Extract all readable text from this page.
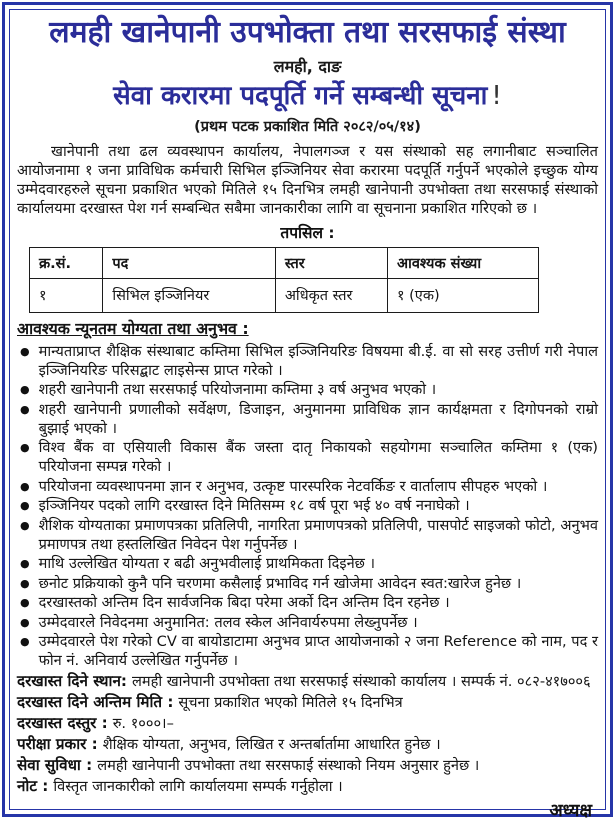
लमही खानेपानी उपभोक्ता तथा सरसफाई संस्था
लमही, दाङ
सेवा करारमा पदपूर्ति गर्ने सम्बन्धी सूचना !
(प्रथम पटक प्रकाशित मिति २०८२/०५/१४)

खानेपानी तथा ढल व्यवस्थापन कार्यालय, नेपालगञ्ज र यस संस्थाको सह लगानीबाट सञ्चालित आयोजनामा १ जना प्राविधिक कर्मचारी सिभिल इञ्जिनियर सेवा करारमा पदपूर्ति गर्नुपर्ने भएकोले इच्छुक योग्य उम्मेदवारहरुले सूचना प्रकाशित भएको मितिले १५ दिनभित्र लमही खानेपानी उपभोक्ता तथा सरसफाई संस्थाको कार्यालयमा दरखास्त पेश गर्न सम्बन्धित सबैमा जानकारीका लागि वा सूचनाना प्रकाशित गरिएको छ ।

तपसिल :
क्र.सं.	पद	स्तर	आवश्यक संख्या
१	सिभिल इञ्जिनियर	अधिकृत स्तर	१ (एक)
आवश्यक न्यूनतम योग्यता तथा अनुभव :
● मान्यताप्राप्त शैक्षिक संस्थाबाट कम्तिमा सिभिल इञ्जिनियरिङ विषयमा बी.ई. वा सो सरह उत्तीर्ण गरी नेपाल इञ्जिनियरिङ परिसद्बाट लाइसेन्स प्राप्त गरेको ।
● शहरी खानेपानी तथा सरसफाई परियोजनामा कम्तिमा ३ वर्ष अनुभव भएको ।
● शहरी खानेपानी प्रणालीको सर्वेक्षण, डिजाइन, अनुमानमा प्राविधिक ज्ञान कार्यक्षमता र दिगोपनको राम्रो बुझाई भएको ।
● विश्व बैंक वा एसियाली विकास बैंक जस्ता दातृ निकायको सहयोगमा सञ्चालित कम्तिमा १ (एक) परियोजना सम्पन्न गरेको ।
● परियोजना व्यवस्थापनमा ज्ञान र अनुभव, उत्कृष्ट पारस्परिक नेटवर्किङ र वार्तालाप सीपहरु भएको ।
● इञ्जिनियर पदको लागि दरखास्त दिने मितिसम्म १८ वर्ष पूरा भई ४० वर्ष ननाघेको ।
● शैशिक योग्यताका प्रमाणपत्रका प्रतिलिपी, नागरिता प्रमाणपत्रको प्रतिलिपी, पासपोर्ट साइजको फोटो, अनुभव प्रमाणपत्र तथा हस्तलिखित निवेदन पेश गर्नुपर्नेछ ।
● माथि उल्लेखित योग्यता र बढी अनुभवीलाई प्राथमिकता दिइनेछ ।
● छनोट प्रक्रियाको कुनै पनि चरणमा कसैलाई प्रभाविद गर्न खोजेमा आवेदन स्वत:खारेज हुनेछ ।
● दरखास्तको अन्तिम दिन सार्वजनिक बिदा परेमा अर्को दिन अन्तिम दिन रहनेछ ।
● उम्मेदवारले निवेदनमा अनुमानित: तलव स्केल अनिवार्यरुपमा लेख्नुपर्नेछ ।
● उम्मेदवारले पेश गरेको CV वा बायोडाटामा अनुभव प्राप्त आयोजनाको २ जना Reference को नाम, पद र फोन नं. अनिवार्य उल्लेखित गर्नुपर्नेछ ।
दरखास्त दिने स्थान: लमही खानेपानी उपभोक्ता तथा सरसफाई संस्थाको कार्यालय । सम्पर्क नं. ०८२-४१७००६
दरखास्त दिने अन्तिम मिति : सूचना प्रकाशित भएको मितिले १५ दिनभित्र
दरखास्त दस्तुर : रु. १०००।–
परीक्षा प्रकार : शैक्षिक योग्यता, अनुभव, लिखित र अन्तर्बार्तामा आधारित हुनेछ ।
सेवा सुविधा : लमही खानेपानी उपभोक्ता तथा सरसफाई संस्थाको नियम अनुसार हुनेछ ।
नोट : विस्तृत जानकारीको लागि कार्यालयमा सम्पर्क गर्नुहोला ।
अध्यक्ष
